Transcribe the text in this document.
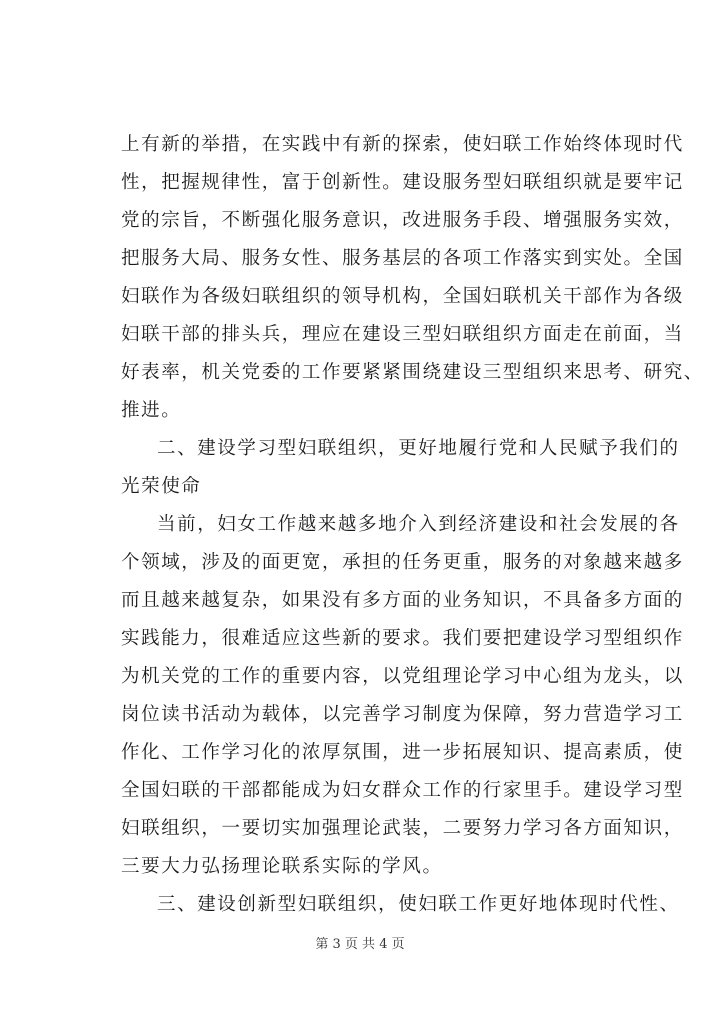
上有新的举措，在实践中有新的探索，使妇联工作始终体现时代
性，把握规律性，富于创新性。建设服务型妇联组织就是要牢记
党的宗旨，不断强化服务意识，改进服务手段、增强服务实效，
把服务大局、服务女性、服务基层的各项工作落实到实处。全国
妇联作为各级妇联组织的领导机构，全国妇联机关干部作为各级
妇联干部的排头兵，理应在建设三型妇联组织方面走在前面，当
好表率，机关党委的工作要紧紧围绕建设三型组织来思考、研究、
推进。
二、建设学习型妇联组织，更好地履行党和人民赋予我们的
光荣使命
当前，妇女工作越来越多地介入到经济建设和社会发展的各
个领域，涉及的面更宽，承担的任务更重，服务的对象越来越多
而且越来越复杂，如果没有多方面的业务知识，不具备多方面的
实践能力，很难适应这些新的要求。我们要把建设学习型组织作
为机关党的工作的重要内容，以党组理论学习中心组为龙头，以
岗位读书活动为载体，以完善学习制度为保障，努力营造学习工
作化、工作学习化的浓厚氛围，进一步拓展知识、提高素质，使
全国妇联的干部都能成为妇女群众工作的行家里手。建设学习型
妇联组织，一要切实加强理论武装，二要努力学习各方面知识，
三要大力弘扬理论联系实际的学风。
三、建设创新型妇联组织，使妇联工作更好地体现时代性、
第 3 页 共 4 页
